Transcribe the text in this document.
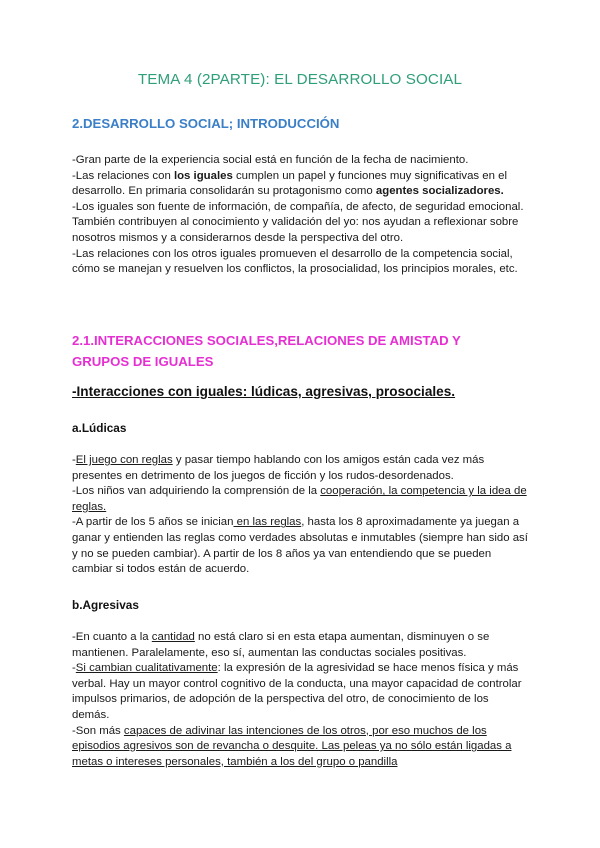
TEMA 4 (2PARTE): EL DESARROLLO SOCIAL
2.DESARROLLO SOCIAL; INTRODUCCIÓN

-Gran parte de la experiencia social está en función de la fecha de nacimiento.

-Las relaciones con los iguales cumplen un papel y funciones muy significativas en el desarrollo. En primaria consolidarán su protagonismo como agentes socializadores.

-Los iguales son fuente de información, de compañía, de afecto, de seguridad emocional. También contribuyen al conocimiento y validación del yo: nos ayudan a reflexionar sobre nosotros mismos y a considerarnos desde la perspectiva del otro.

-Las relaciones con los otros iguales promueven el desarrollo de la competencia social, cómo se manejan y resuelven los conflictos, la prosocialidad, los principios morales, etc.

2.1.INTERACCIONES SOCIALES,RELACIONES DE AMISTAD Y
GRUPOS DE IGUALES
-Interacciones con iguales: lúdicas, agresivas, prosociales.
a.Lúdicas

-El juego con reglas y pasar tiempo hablando con los amigos están cada vez más presentes en detrimento de los juegos de ficción y los rudos-desordenados.

-Los niños van adquiriendo la comprensión de la cooperación, la competencia y la idea de reglas.

-A partir de los 5 años se inician en las reglas, hasta los 8 aproximadamente ya juegan a ganar y entienden las reglas como verdades absolutas e inmutables (siempre han sido así y no se pueden cambiar). A partir de los 8 años ya van entendiendo que se pueden cambiar si todos están de acuerdo.

b.Agresivas

-En cuanto a la cantidad no está claro si en esta etapa aumentan, disminuyen o se mantienen. Paralelamente, eso sí, aumentan las conductas sociales positivas.

-Si cambian cualitativamente: la expresión de la agresividad se hace menos física y más verbal. Hay un mayor control cognitivo de la conducta, una mayor capacidad de controlar impulsos primarios, de adopción de la perspectiva del otro, de conocimiento de los demás.

-Son más capaces de adivinar las intenciones de los otros, por eso muchos de los episodios agresivos son de revancha o desquite. Las peleas ya no sólo están ligadas a metas o intereses personales, también a los del grupo o pandilla
